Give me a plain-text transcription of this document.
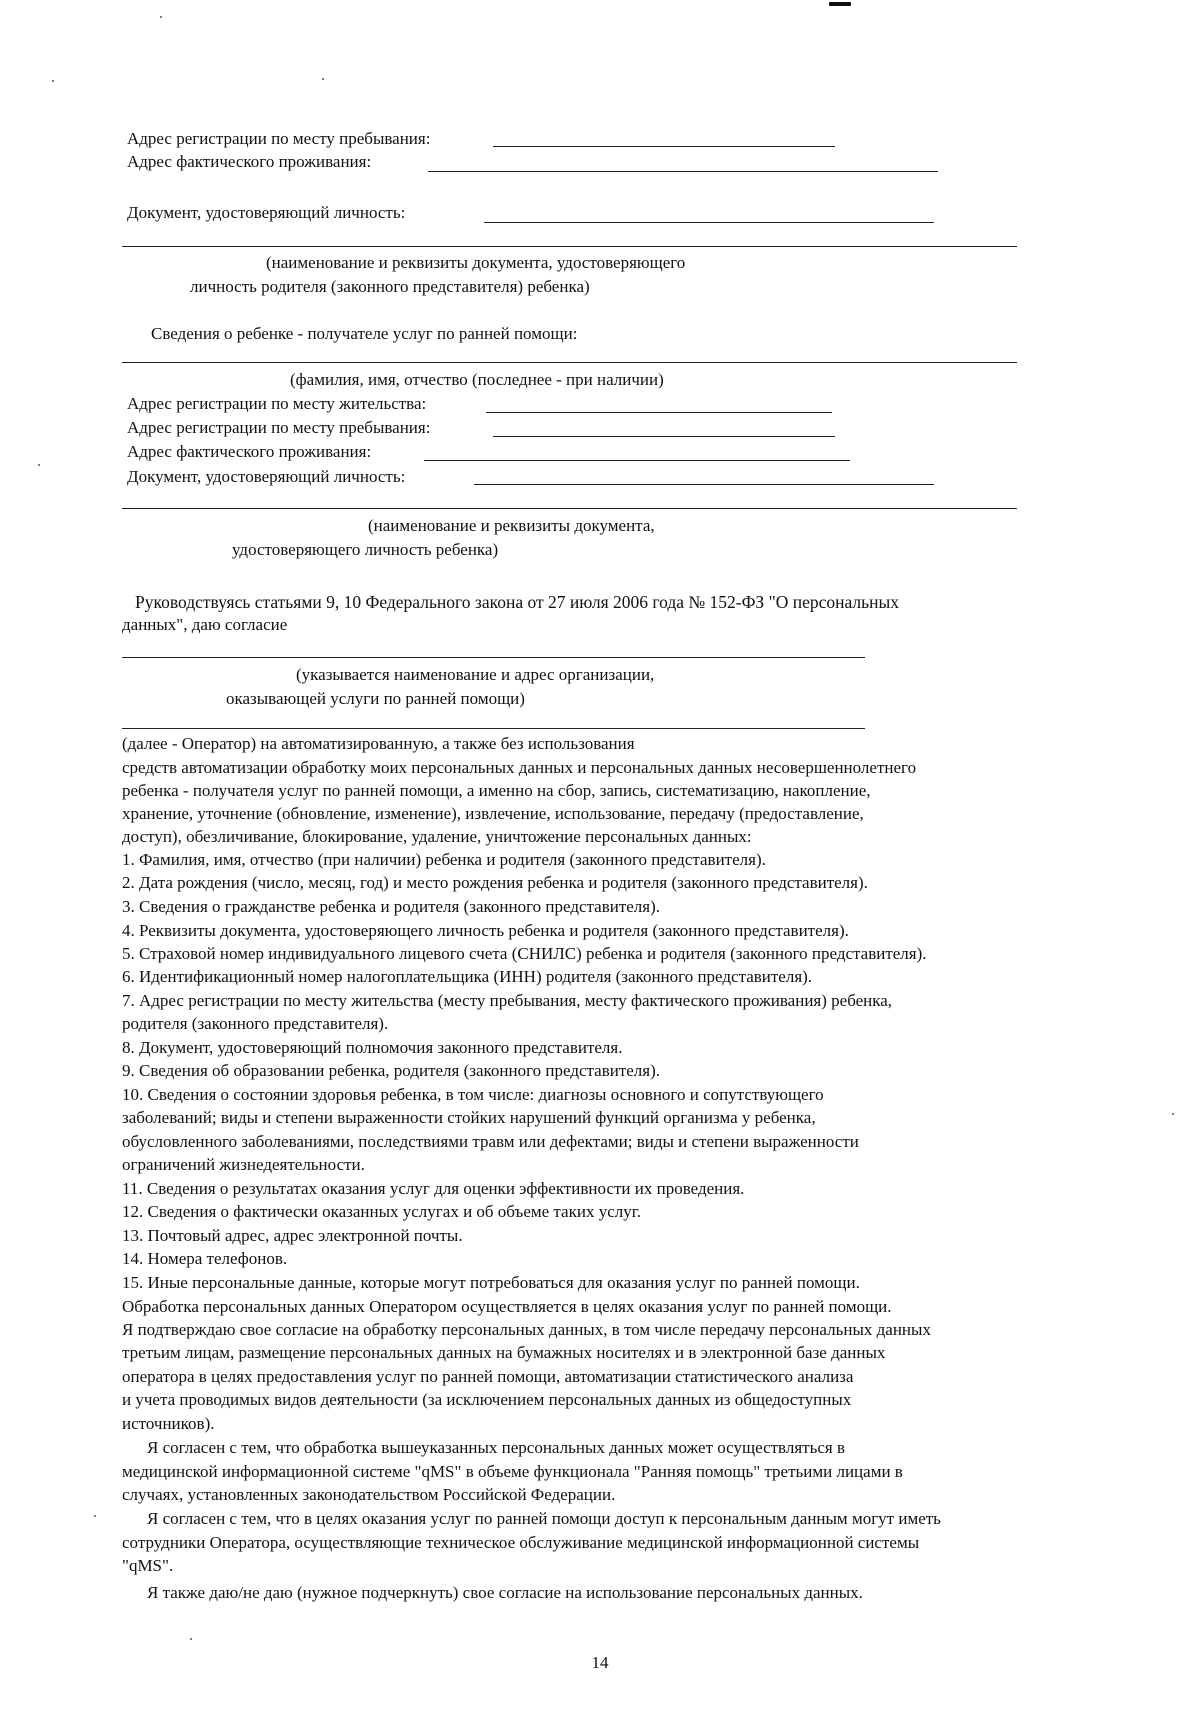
Адрес регистрации по месту пребывания:
Адрес фактического проживания:
Документ, удостоверяющий личность:
(наименование и реквизиты документа, удостоверяющего
личность родителя (законного представителя) ребенка)
Сведения о ребенке - получателе услуг по ранней помощи:
(фамилия, имя, отчество (последнее - при наличии)
Адрес регистрации по месту жительства:
Адрес регистрации по месту пребывания:
Адрес фактического проживания:
Документ, удостоверяющий личность:
(наименование и реквизиты документа,
удостоверяющего личность ребенка)
Руководствуясь статьями 9, 10 Федерального закона от 27 июля 2006 года № 152-ФЗ "О персональных
данных", даю согласие
(указывается наименование и адрес организации,
оказывающей услуги по ранней помощи)
(далее - Оператор) на автоматизированную, а также без использования
средств автоматизации обработку моих персональных данных и персональных данных несовершеннолетнего
ребенка - получателя услуг по ранней помощи, а именно на сбор, запись, систематизацию, накопление,
хранение, уточнение (обновление, изменение), извлечение, использование, передачу (предоставление,
доступ), обезличивание, блокирование, удаление, уничтожение персональных данных:
1. Фамилия, имя, отчество (при наличии) ребенка и родителя (законного представителя).
2. Дата рождения (число, месяц, год) и место рождения ребенка и родителя (законного представителя).
3. Сведения о гражданстве ребенка и родителя (законного представителя).
4. Реквизиты документа, удостоверяющего личность ребенка и родителя (законного представителя).
5. Страховой номер индивидуального лицевого счета (СНИЛС) ребенка и родителя (законного представителя).
6. Идентификационный номер налогоплательщика (ИНН) родителя (законного представителя).
7. Адрес регистрации по месту жительства (месту пребывания, месту фактического проживания) ребенка,
родителя (законного представителя).
8. Документ, удостоверяющий полномочия законного представителя.
9. Сведения об образовании ребенка, родителя (законного представителя).
10. Сведения о состоянии здоровья ребенка, в том числе: диагнозы основного и сопутствующего
заболеваний; виды и степени выраженности стойких нарушений функций организма у ребенка,
обусловленного заболеваниями, последствиями травм или дефектами; виды и степени выраженности
ограничений жизнедеятельности.
11. Сведения о результатах оказания услуг для оценки эффективности их проведения.
12. Сведения о фактически оказанных услугах и об объеме таких услуг.
13. Почтовый адрес, адрес электронной почты.
14. Номера телефонов.
15. Иные персональные данные, которые могут потребоваться для оказания услуг по ранней помощи.
Обработка персональных данных Оператором осуществляется в целях оказания услуг по ранней помощи.
Я подтверждаю свое согласие на обработку персональных данных, в том числе передачу персональных данных
третьим лицам, размещение персональных данных на бумажных носителях и в электронной базе данных
оператора в целях предоставления услуг по ранней помощи, автоматизации статистического анализа
и учета проводимых видов деятельности (за исключением персональных данных из общедоступных
источников).
Я согласен с тем, что обработка вышеуказанных персональных данных может осуществляться в
медицинской информационной системе "qMS" в объеме функционала "Ранняя помощь" третьими лицами в
случаях, установленных законодательством Российской Федерации.
Я согласен с тем, что в целях оказания услуг по ранней помощи доступ к персональным данным могут иметь
сотрудники Оператора, осуществляющие техническое обслуживание медицинской информационной системы
"qMS".
Я также даю/не даю (нужное подчеркнуть) свое согласие на использование персональных данных.
14
